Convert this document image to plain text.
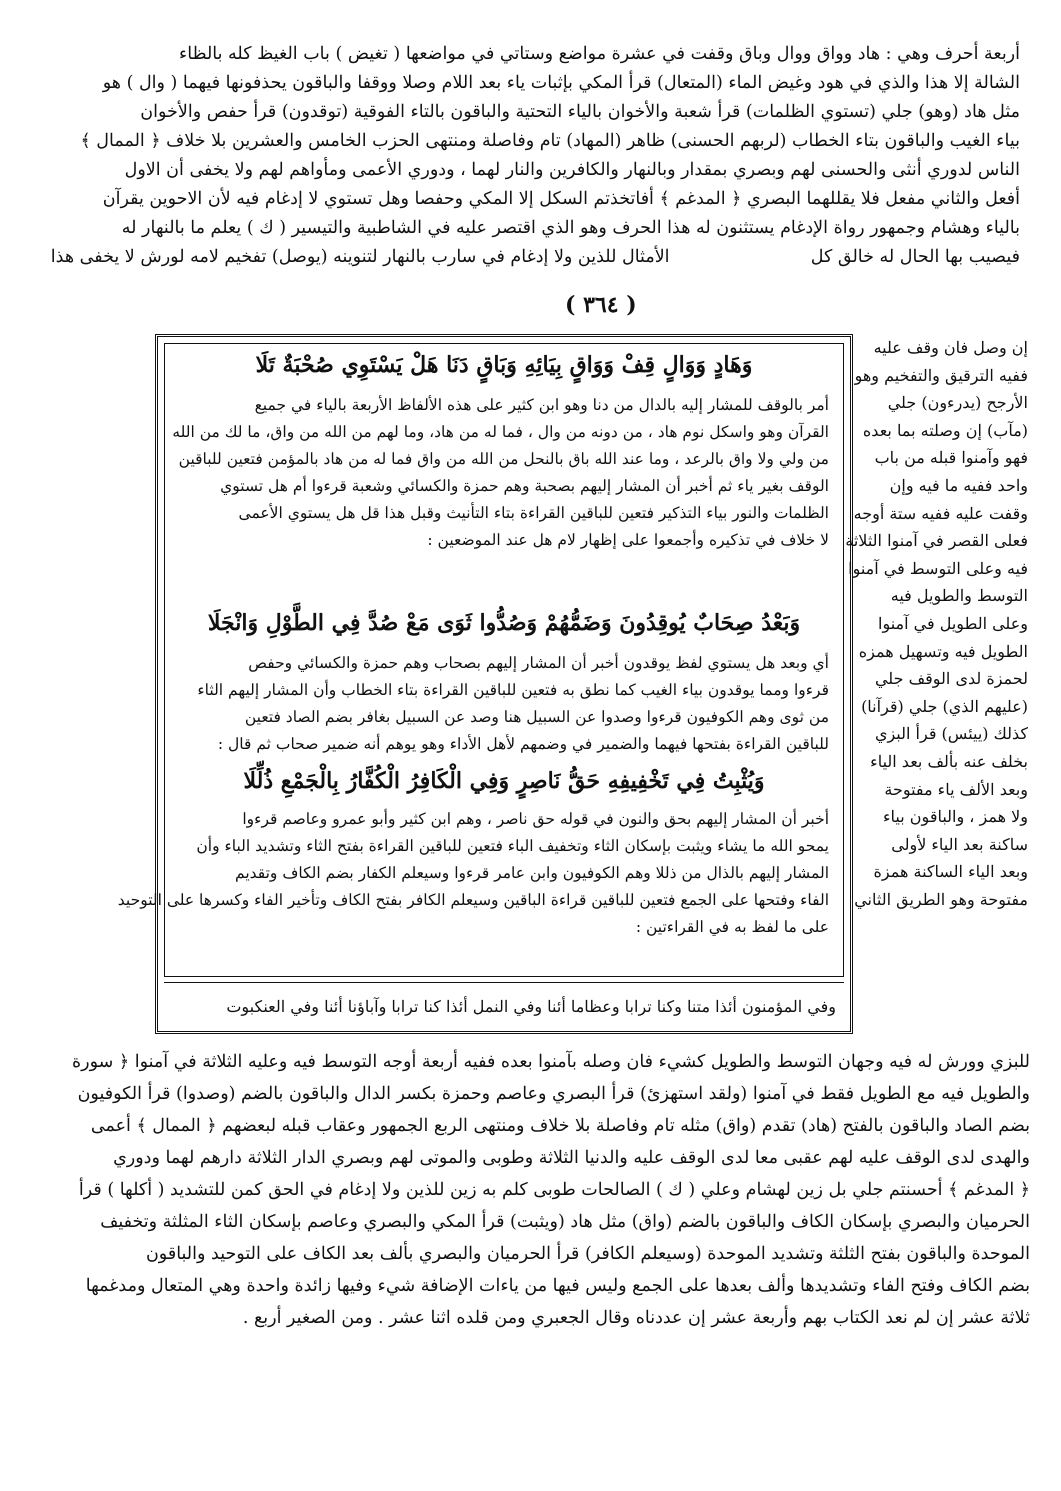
أربعة أحرف وهي : هاد وواق ووال وباق وقفت في عشرة مواضع وستاتي في مواضعها ( تغيض ) باب الغيظ كله بالظاء
الشالة إلا هذا والذي في هود وغيض الماء (المتعال) قرأ المكي بإثبات ياء بعد اللام وصلا ووقفا والباقون يحذفونها فيهما ( وال ) هو
مثل هاد (وهو) جلي (تستوي الظلمات) قرأ شعبة والأخوان بالياء التحتية والباقون بالتاء الفوقية (توقدون) قرأ حفص والأخوان
بياء الغيب والباقون بتاء الخطاب (لربهم الحسنى) ظاهر (المهاد) تام وفاصلة ومنتهى الحزب الخامس والعشرين بلا خلاف ﴿ الممال ﴾
الناس لدوري أنثى والحسنى لهم وبصري بمقدار وبالنهار والكافرين والنار لهما ، ودوري الأعمى ومأواهم لهم ولا يخفى أن الاول
أفعل والثاني مفعل فلا يقللهما البصري ﴿ المدغم ﴾ أفاتخذتم السكل إلا المكي وحفصا وهل تستوي لا إدغام فيه لأن الاحوين يقرآن
بالياء وهشام وجمهور رواة الإدغام يستثنون له هذا الحرف وهو الذي اقتصر عليه في الشاطبية والتيسير ( ك ) يعلم ما بالنهار له
فيصيب بها الحال له خالق كل  الأمثال للذين ولا إدغام في سارب بالنهار لتنوينه (يوصل) تفخيم لامه لورش لا يخفى هذا
( ٣٦٤ )
وَهَادٍ وَوَالٍ قِفْ وَوَاقٍ بِيَائِهِ وَبَاقٍ دَنَا هَلْ يَسْتَوِي صُحْبَةٌ تَلَا
أمر بالوقف للمشار إليه بالدال من دنا وهو ابن كثير على هذه الألفاظ الأربعة بالياء في جميع
القرآن وهو واسكل نوم هاد ، من دونه من وال ، فما له من هاد، وما لهم من الله من واق، ما لك من الله
من ولي ولا واق بالرعد ، وما عند الله باق بالنحل من الله من واق فما له من هاد بالمؤمن فتعين للباقين
الوقف بغير ياء ثم أخبر أن المشار إليهم بصحبة وهم حمزة والكسائي وشعبة قرءوا أم هل تستوي
الظلمات والنور بياء التذكير فتعين للباقين القراءة بتاء التأنيث وقبل هذا قل هل يستوي الأعمى
لا خلاف في تذكيره وأجمعوا على إظهار لام هل عند الموضعين :
وَبَعْدُ صِحَابٌ يُوقِدُونَ وَضَمُّهُمْ وَصُدُّوا ثَوَى مَعْ صُدَّ فِي الطَّوْلِ وَانْجَلَا
أي وبعد هل يستوي لفظ يوقدون أخبر أن المشار إليهم بصحاب وهم حمزة والكسائي وحفص
قرءوا ومما يوقدون بياء الغيب كما نطق به فتعين للباقين القراءة بتاء الخطاب وأن المشار إليهم الثاء
من ثوى وهم الكوفيون قرءوا وصدوا عن السبيل هنا وصد عن السبيل بغافر بضم الصاد فتعين
للباقين القراءة بفتحها فيهما والضمير في وضمهم لأهل الأداء وهو يوهم أنه ضمير صحاب ثم قال :
وَيُثْبِتُ فِي تَخْفِيفِهِ حَقُّ نَاصِرٍ وَفِي الْكَافِرُ الْكُفَّارُ بِالْجَمْعِ ذُلِّلَا
أخبر أن المشار إليهم بحق والنون في قوله حق ناصر ، وهم ابن كثير وأبو عمرو وعاصم قرءوا
يمحو الله ما يشاء ويثبت بإسكان الثاء وتخفيف الباء فتعين للباقين القراءة بفتح الثاء وتشديد الباء وأن
المشار إليهم بالذال من ذللا وهم الكوفيون وابن عامر قرءوا وسيعلم الكفار بضم الكاف وتقديم
الفاء وفتحها على الجمع فتعين للباقين قراءة الباقين وسيعلم الكافر بفتح الكاف وتأخير الفاء وكسرها على التوحيد
على ما لفظ به في القراءتين :
وفي المؤمنون أئذا متنا وكنا ترابا وعظاما أئنا وفي النمل أئذا كنا ترابا وآباؤنا أئنا وفي العنكبوت
إن وصل فان وقف عليه
ففيه الترقيق والتفخيم وهو
الأرجح (يدرءون) جلي
(مآب) إن وصلته بما بعده
فهو وآمنوا قبله من باب
واحد ففيه ما فيه وإن
وقفت عليه ففيه ستة أوجه
فعلى القصر في آمنوا الثلاثة
فيه وعلى التوسط في آمنوا
التوسط والطويل فيه
وعلى الطويل في آمنوا
الطويل فيه وتسهيل همزه
لحمزة لدى الوقف جلي
(عليهم الذي) جلي (قرآنا)
كذلك (ييئس) قرأ البزي
بخلف عنه بألف بعد الياء
وبعد الألف ياء مفتوحة
ولا همز ، والباقون بياء
ساكنة بعد الياء لأولى
وبعد الياء الساكنة همزة
مفتوحة وهو الطريق الثاني
للبزي وورش له فيه وجهان التوسط والطويل كشيء فان وصله بآمنوا بعده ففيه أربعة أوجه التوسط فيه وعليه الثلاثة في آمنوا ﴿ سورة
والطويل فيه مع الطويل فقط في آمنوا (ولقد استهزئ) قرأ البصري وعاصم وحمزة بكسر الدال والباقون بالضم (وصدوا) قرأ الكوفيون
بضم الصاد والباقون بالفتح (هاد) تقدم (واق) مثله تام وفاصلة بلا خلاف ومنتهى الربع الجمهور وعقاب قبله لبعضهم ﴿ الممال ﴾ أعمى
والهدى لدى الوقف عليه لهم عقبى معا لدى الوقف عليه والدنيا الثلاثة وطوبى والموتى لهم وبصري الدار الثلاثة دارهم لهما ودوري
﴿ المدغم ﴾ أحسنتم جلي بل زين لهشام وعلي ( ك ) الصالحات طوبى كلم به زين للذين ولا إدغام في الحق كمن للتشديد ( أكلها ) قرأ
الحرميان والبصري بإسكان الكاف والباقون بالضم (واق) مثل هاد (ويثبت) قرأ المكي والبصري وعاصم بإسكان الثاء المثلثة وتخفيف
الموحدة والباقون بفتح الثلثة وتشديد الموحدة (وسيعلم الكافر) قرأ الحرميان والبصري بألف بعد الكاف على التوحيد والباقون
بضم الكاف وفتح الفاء وتشديدها وألف بعدها على الجمع وليس فيها من ياءات الإضافة شيء وفيها زائدة واحدة وهي المتعال ومدغمها
ثلاثة عشر إن لم نعد الكتاب بهم وأربعة عشر إن عددناه وقال الجعبري ومن قلده اثنا عشر . ومن الصغير أربع .
